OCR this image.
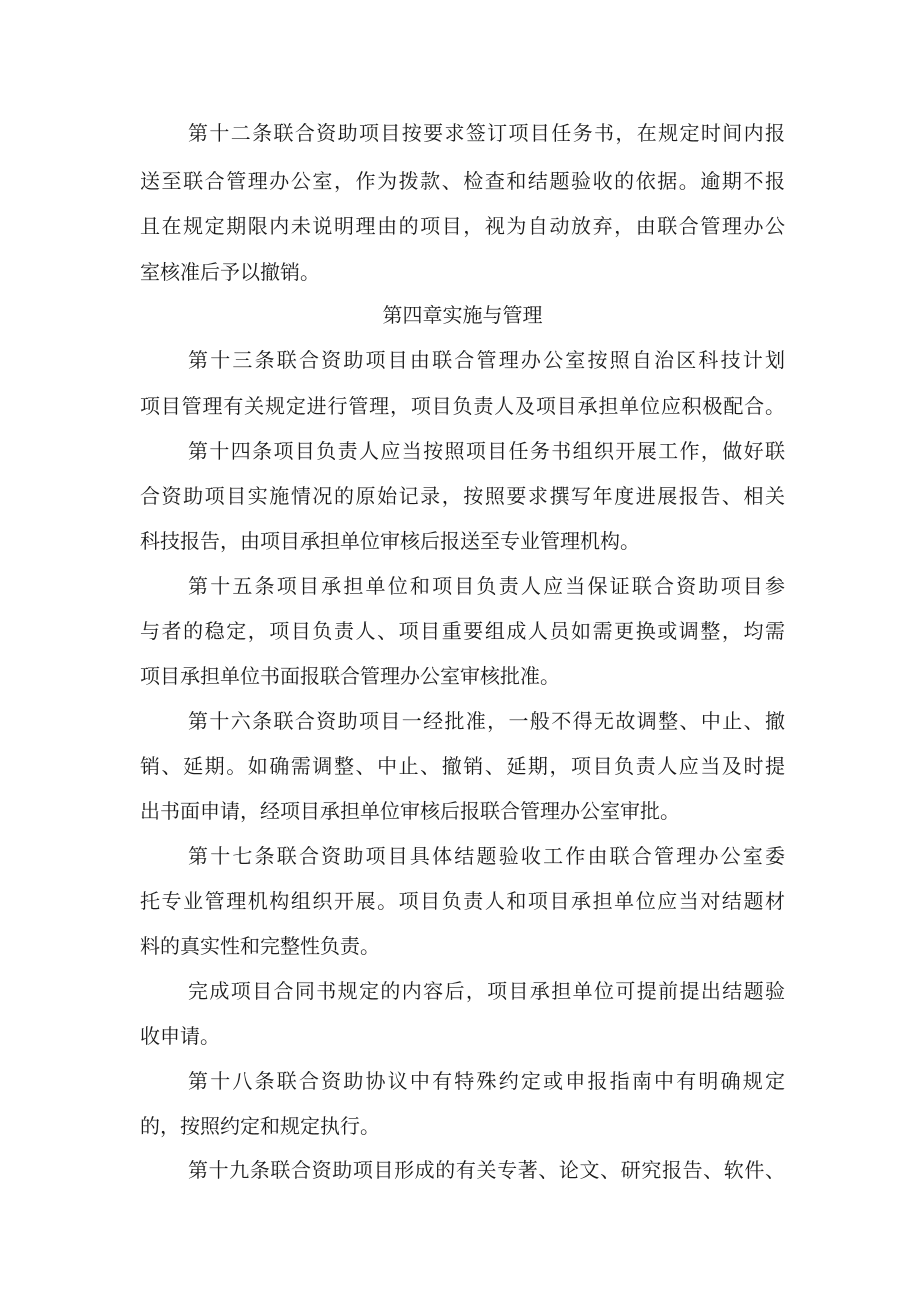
第十二条联合资助项目按要求签订项目任务书，在规定时间内报
送至联合管理办公室，作为拨款、检查和结题验收的依据。逾期不报
且在规定期限内未说明理由的项目，视为自动放弃，由联合管理办公
室核准后予以撤销。
第四章实施与管理
第十三条联合资助项目由联合管理办公室按照自治区科技计划
项目管理有关规定进行管理，项目负责人及项目承担单位应积极配合。
第十四条项目负责人应当按照项目任务书组织开展工作，做好联
合资助项目实施情况的原始记录，按照要求撰写年度进展报告、相关
科技报告，由项目承担单位审核后报送至专业管理机构。
第十五条项目承担单位和项目负责人应当保证联合资助项目参
与者的稳定，项目负责人、项目重要组成人员如需更换或调整，均需
项目承担单位书面报联合管理办公室审核批准。
第十六条联合资助项目一经批准，一般不得无故调整、中止、撤
销、延期。如确需调整、中止、撤销、延期，项目负责人应当及时提
出书面申请，经项目承担单位审核后报联合管理办公室审批。
第十七条联合资助项目具体结题验收工作由联合管理办公室委
托专业管理机构组织开展。项目负责人和项目承担单位应当对结题材
料的真实性和完整性负责。
完成项目合同书规定的内容后，项目承担单位可提前提出结题验
收申请。
第十八条联合资助协议中有特殊约定或申报指南中有明确规定
的，按照约定和规定执行。
第十九条联合资助项目形成的有关专著、论文、研究报告、软件、
